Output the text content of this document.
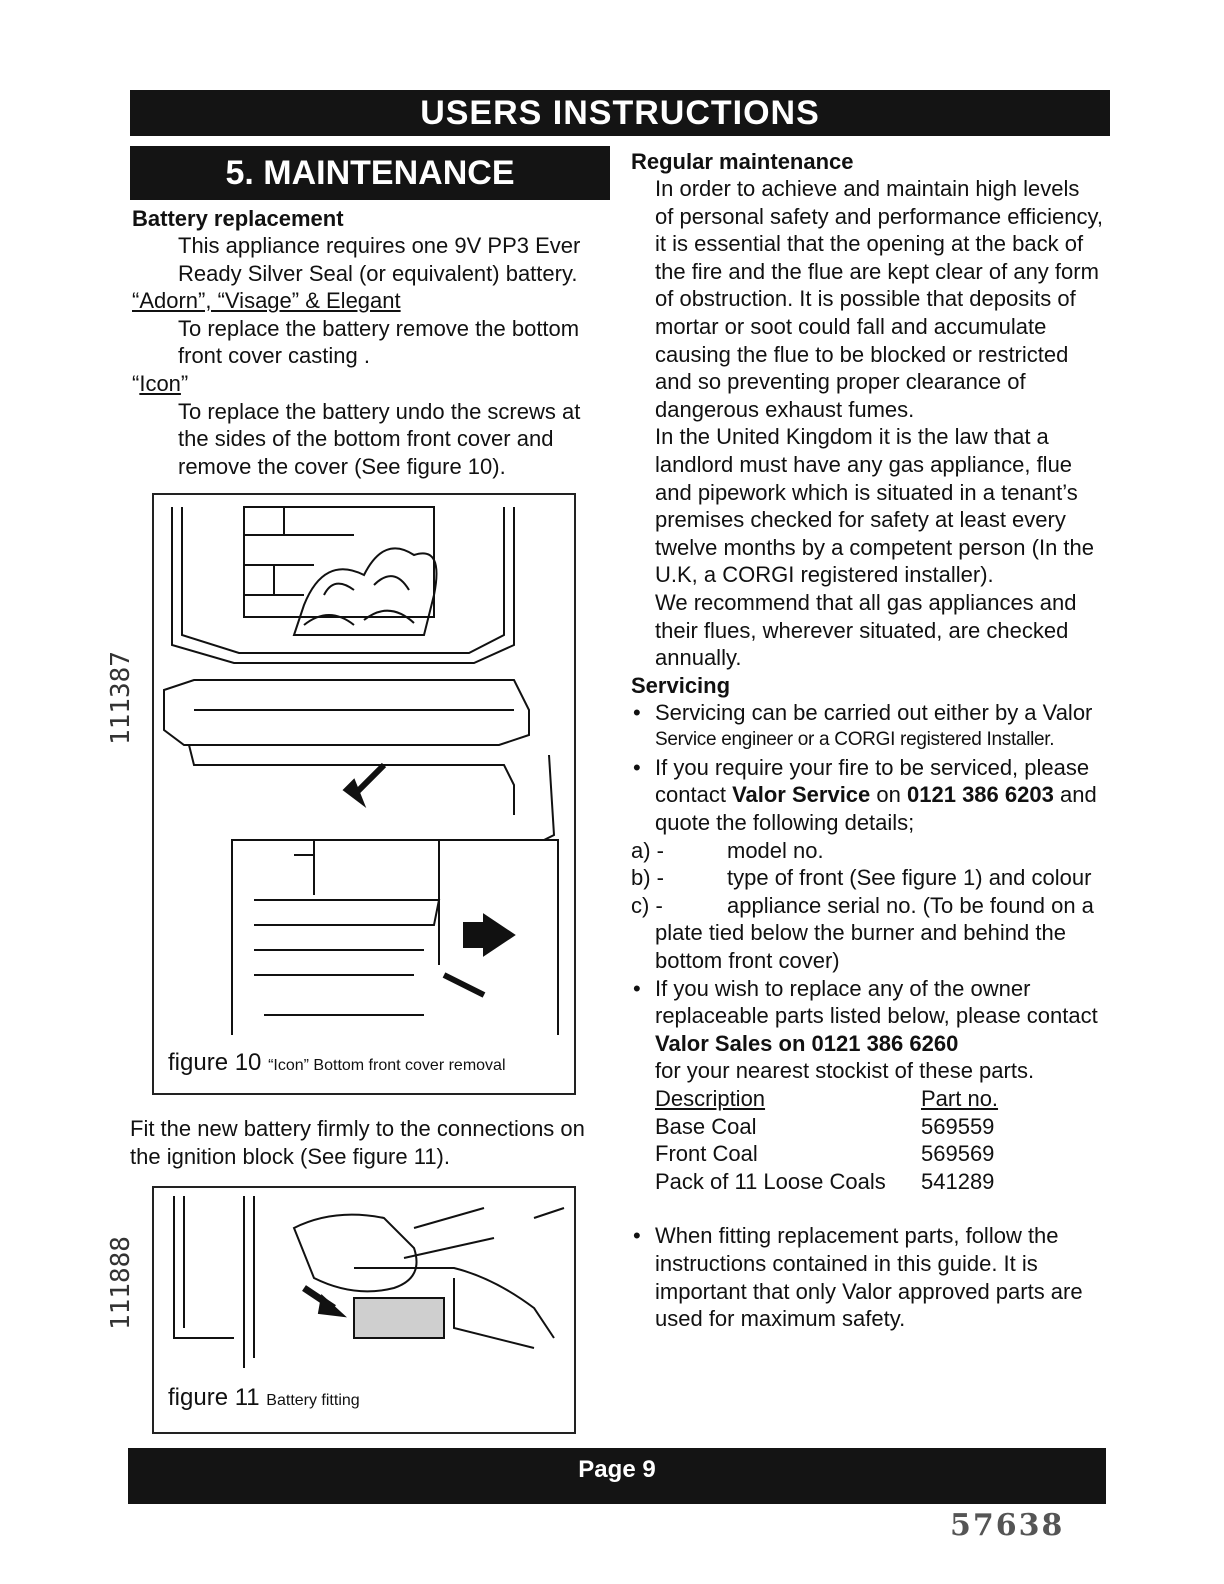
USERS INSTRUCTIONS
5. MAINTENANCE
Battery replacement
This appliance requires one 9V PP3 Ever
Ready Silver Seal (or equivalent) battery.
“Adorn”, “Visage” & Elegant
To replace the battery remove the bottom
front cover casting .
“Icon”
To replace the battery undo the screws at
the sides of the bottom front cover and
remove the cover (See figure 10).
111387
111888
figure 10 “Icon” Bottom front cover removal
Fit the new battery firmly to the connections on
the ignition block (See figure 11).
figure 11 Battery fitting
Regular maintenance
In order to achieve and maintain high levels
of personal safety and performance efficiency,
it is essential that the opening at the back of
the fire and the flue are kept clear of any form
of obstruction. It is possible that deposits of
mortar or soot could fall and accumulate
causing the flue to be blocked or restricted
and so preventing proper clearance of
dangerous exhaust fumes.
In the United Kingdom it is the law that a
landlord must have any gas appliance, flue
and pipework which is situated in a tenant’s
premises checked for safety at least every
twelve months by a competent person (In the
U.K, a CORGI registered installer).
We recommend that all gas appliances and
their flues, wherever situated, are checked
annually.
Servicing
• Servicing can be carried out either by a Valor
Service engineer or a CORGI registered Installer.
• If you require your fire to be serviced, please
contact Valor Service on 0121 386 6203 and
quote the following details;
a) -	model no.
b) -	type of front (See figure 1) and colour
c) -	appliance serial no. (To be found on a
plate tied below the burner and behind the
bottom front cover)
• If you wish to replace any of the owner
replaceable parts listed below, please contact
Valor Sales on 0121 386 6260
for your nearest stockist of these parts.
Description	Part no.
Base Coal	569559
Front Coal	569569
Pack of 11 Loose Coals	541289
• When fitting replacement parts, follow the
instructions contained in this guide. It is
important that only Valor approved parts are
used for maximum safety.
Page 9
57638
